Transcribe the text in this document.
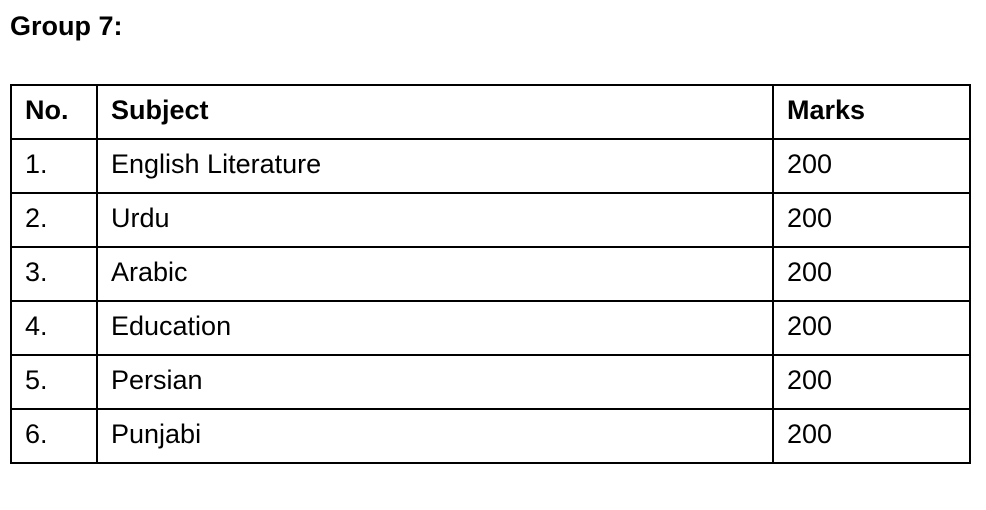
Group 7:
No.	Subject	Marks
1.	English Literature	200
2.	Urdu	200
3.	Arabic	200
4.	Education	200
5.	Persian	200
6.	Punjabi	200
